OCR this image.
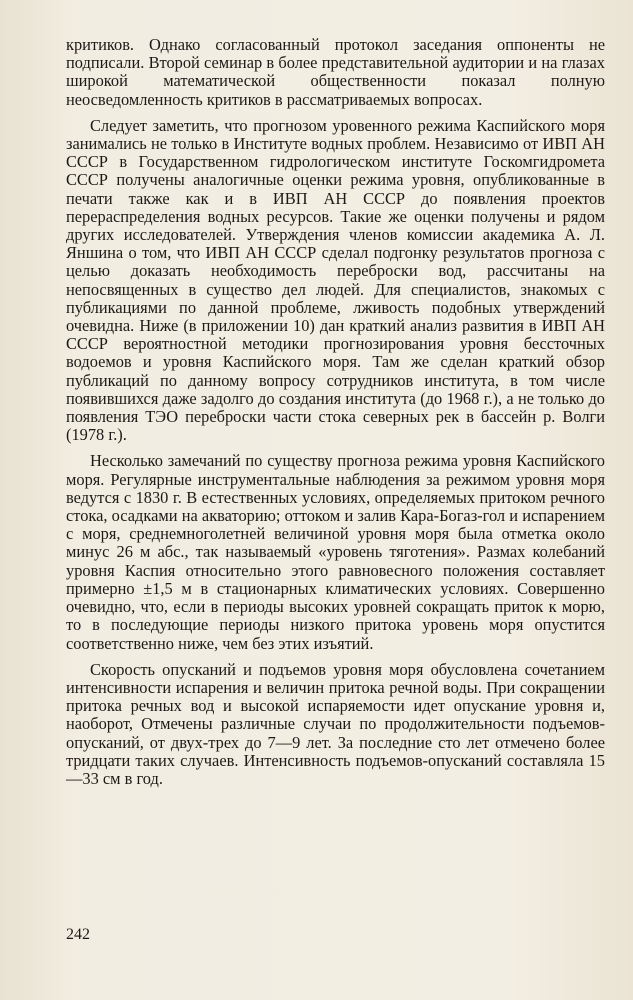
критиков. Однако согласованный протокол заседания оппоненты не подписали. Второй семинар в более представительной аудитории и на глазах широкой математической общественности показал полную неосведомленность критиков в рассматриваемых вопросах.

Следует заметить, что прогнозом уровенного режима Каспийского моря занимались не только в Институте водных проблем. Независимо от ИВП АН СССР в Государственном гидрологическом институте Госкомгидромета СССР получены аналогичные оценки режима уровня, опубликованные в печати также как и в ИВП АН СССР до появления проектов перераспределения водных ресурсов. Такие же оценки получены и рядом других исследователей. Утверждения членов комиссии академика А. Л. Яншина о том, что ИВП АН СССР сделал подгонку результатов прогноза с целью доказать необходимость переброски вод, рассчитаны на непосвященных в существо дел людей. Для специалистов, знакомых с публикациями по данной проблеме, лживость подобных утверждений очевидна. Ниже (в приложении 10) дан краткий анализ развития в ИВП АН СССР вероятностной методики прогнозирования уровня бессточных водоемов и уровня Каспийского моря. Там же сделан краткий обзор публикаций по данному вопросу сотрудников института, в том числе появившихся даже задолго до создания института (до 1968 г.), а не только до появления ТЭО переброски части стока северных рек в бассейн р. Волги (1978 г.).

Несколько замечаний по существу прогноза режима уровня Каспийского моря. Регулярные инструментальные наблюдения за режимом уровня моря ведутся с 1830 г. В естественных условиях, определяемых притоком речного стока, осадками на акваторию; оттоком и залив Кара-Богаз-гол и испарением с моря, среднемноголетней величиной уровня моря была отметка около минус 26 м абс., так называемый «уровень тяготения». Размах колебаний уровня Каспия относительно этого равновесного положения составляет примерно ±1,5 м в стационарных климатических условиях. Совершенно очевидно, что, если в периоды высоких уровней сокращать приток к морю, то в последующие периоды низкого притока уровень моря опустится соответственно ниже, чем без этих изъятий.

Скорость опусканий и подъемов уровня моря обусловлена сочетанием интенсивности испарения и величин притока речной воды. При сокращении притока речных вод и высокой испаряемости идет опускание уровня и, наоборот, Отмечены различные случаи по продолжительности подъемов-опусканий, от двух-трех до 7—9 лет. За последние сто лет отмечено более тридцати таких случаев. Интенсивность подъемов-опусканий составляла 15—33 см в год.

242
